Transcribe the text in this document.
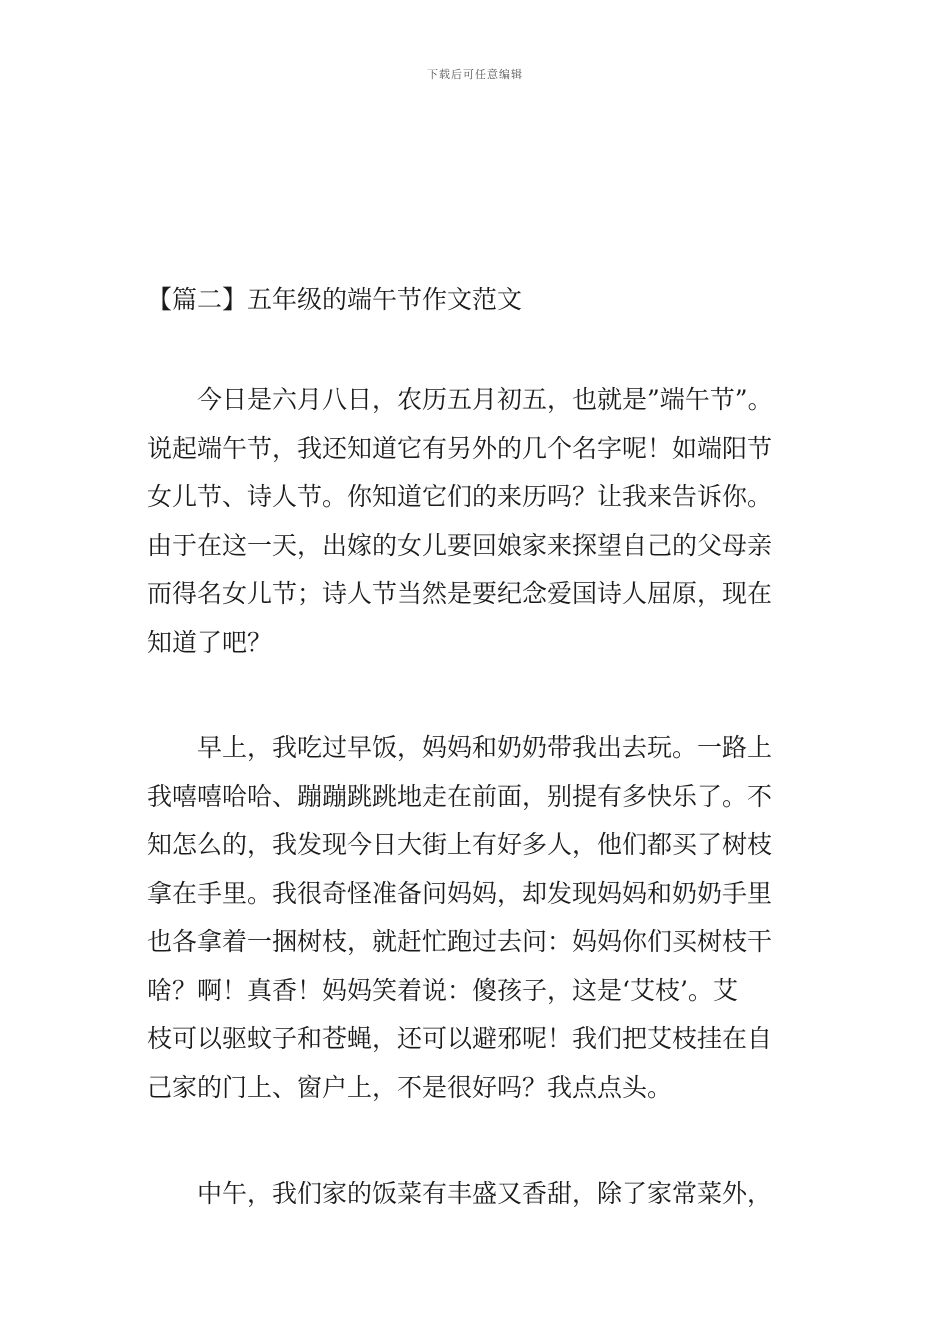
下载后可任意编辑
【篇二】五年级的端午节作文范文
今日是六月八日，农历五月初五，也就是”端午节”。
说起端午节，我还知道它有另外的几个名字呢！如端阳节
女儿节、诗人节。你知道它们的来历吗？让我来告诉你。
由于在这一天，出嫁的女儿要回娘家来探望自己的父母亲
而得名女儿节；诗人节当然是要纪念爱国诗人屈原，现在
知道了吧？
早上，我吃过早饭，妈妈和奶奶带我出去玩。一路上
我嘻嘻哈哈、蹦蹦跳跳地走在前面，别提有多快乐了。不
知怎么的，我发现今日大街上有好多人，他们都买了树枝
拿在手里。我很奇怪准备问妈妈，却发现妈妈和奶奶手里
也各拿着一捆树枝，就赶忙跑过去问：妈妈你们买树枝干
啥？啊！真香！妈妈笑着说：傻孩子，这是‘艾枝’。艾
枝可以驱蚊子和苍蝇，还可以避邪呢！我们把艾枝挂在自
己家的门上、窗户上，不是很好吗？我点点头。
中午，我们家的饭菜有丰盛又香甜，除了家常菜外，
